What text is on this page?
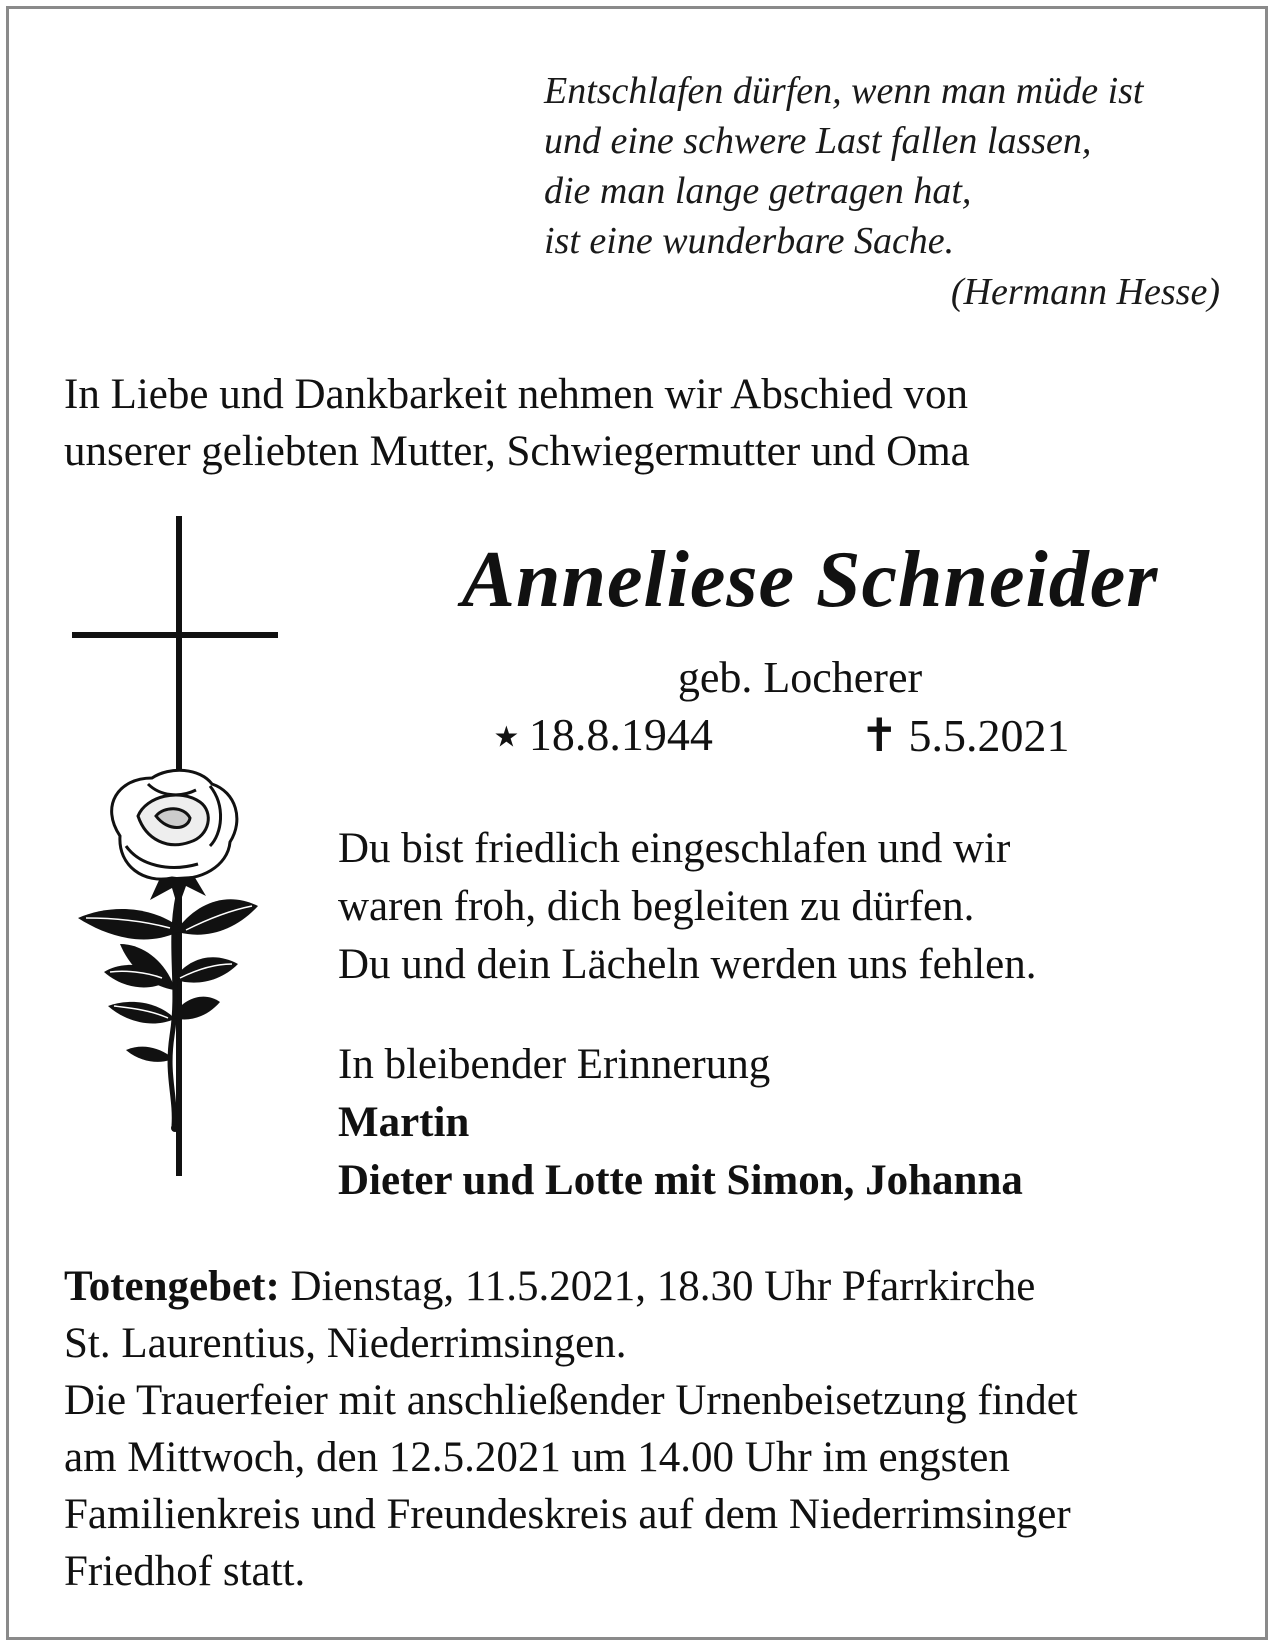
Entschlafen dürfen, wenn man müde ist
und eine schwere Last fallen lassen,
die man lange getragen hat,
ist eine wunderbare Sache.
(Hermann Hesse)
In Liebe und Dankbarkeit nehmen wir Abschied von
unserer geliebten Mutter, Schwiegermutter und Oma
Anneliese Schneider
geb. Locherer
⭑ 18.8.1944	✝ 5.5.2021
Du bist friedlich eingeschlafen und wir
waren froh, dich begleiten zu dürfen.
Du und dein Lächeln werden uns fehlen.
In bleibender Erinnerung
Martin
Dieter und Lotte mit Simon, Johanna
Totengebet: Dienstag, 11.5.2021, 18.30 Uhr Pfarrkirche
St. Laurentius, Niederrimsingen.
Die Trauerfeier mit anschließender Urnenbeisetzung findet
am Mittwoch, den 12.5.2021 um 14.00 Uhr im engsten
Familienkreis und Freundeskreis auf dem Niederrimsinger
Friedhof statt.
